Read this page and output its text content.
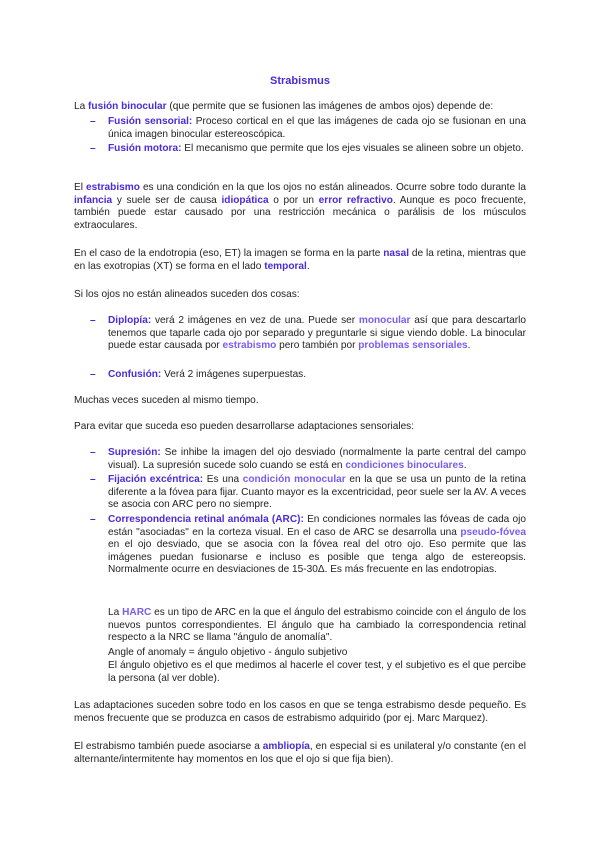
Strabismus

La fusión binocular (que permite que se fusionen las imágenes de ambos ojos) depende de:

– Fusión sensorial: Proceso cortical en el que las imágenes de cada ojo se fusionan en una única imagen binocular estereoscópica.

– Fusión motora: El mecanismo que permite que los ejes visuales se alineen sobre un objeto.

El estrabismo es una condición en la que los ojos no están alineados. Ocurre sobre todo durante la infancia y suele ser de causa idiopática o por un error refractivo. Aunque es poco frecuente, también puede estar causado por una restricción mecánica o parálisis de los músculos extraoculares.

En el caso de la endotropia (eso, ET) la imagen se forma en la parte nasal de la retina, mientras que en las exotropias (XT) se forma en el lado temporal.

Si los ojos no están alineados suceden dos cosas:

– Diplopía: verá 2 imágenes en vez de una. Puede ser monocular así que para descartarlo tenemos que taparle cada ojo por separado y preguntarle si sigue viendo doble. La binocular puede estar causada por estrabismo pero también por problemas sensoriales.

– Confusión: Verá 2 imágenes superpuestas.

Muchas veces suceden al mismo tiempo.

Para evitar que suceda eso pueden desarrollarse adaptaciones sensoriales:

– Supresión: Se inhibe la imagen del ojo desviado (normalmente la parte central del campo visual). La supresión sucede solo cuando se está en condiciones binoculares.

– Fijación excéntrica: Es una condición monocular en la que se usa un punto de la retina diferente a la fóvea para fijar. Cuanto mayor es la excentricidad, peor suele ser la AV. A veces se asocia con ARC pero no siempre.

– Correspondencia retinal anómala (ARC): En condiciones normales las fóveas de cada ojo están "asociadas" en la corteza visual. En el caso de ARC se desarrolla una pseudo-fóvea en el ojo desviado, que se asocia con la fóvea real del otro ojo. Eso permite que las imágenes puedan fusionarse e incluso es posible que tenga algo de estereopsis. Normalmente ocurre en desviaciones de 15-30Δ. Es más frecuente en las endotropias.

La HARC es un tipo de ARC en la que el ángulo del estrabismo coincide con el ángulo de los nuevos puntos correspondientes. El ángulo que ha cambiado la correspondencia retinal respecto a la NRC se llama "ángulo de anomalía".

Angle of anomaly = ángulo objetivo - ángulo subjetivo

El ángulo objetivo es el que medimos al hacerle el cover test, y el subjetivo es el que percibe la persona (al ver doble).

Las adaptaciones suceden sobre todo en los casos en que se tenga estrabismo desde pequeño. Es menos frecuente que se produzca en casos de estrabismo adquirido (por ej. Marc Marquez).

El estrabismo también puede asociarse a ambliopía, en especial si es unilateral y/o constante (en el alternante/intermitente hay momentos en los que el ojo si que fija bien).
